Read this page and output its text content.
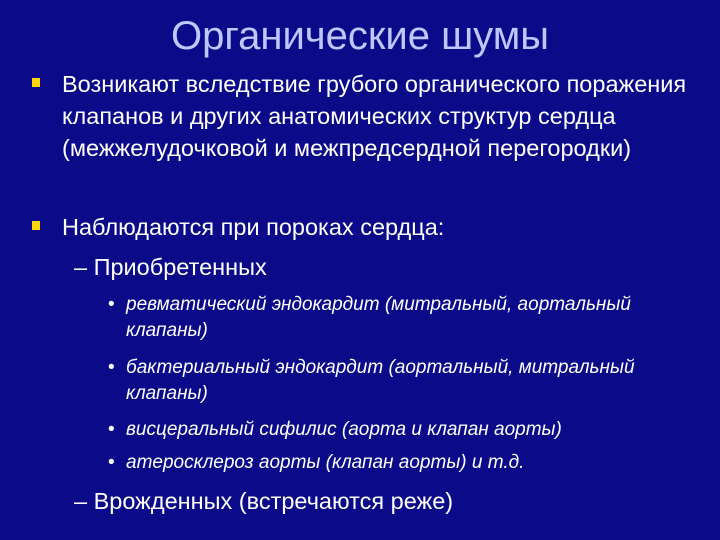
Органические шумы
Возникают вследствие грубого органического поражения клапанов и других анатомических структур сердца (межжелудочковой и межпредсердной перегородки)
Наблюдаются при пороках сердца:
– Приобретенных
• ревматический эндокардит (митральный, аортальный клапаны)
• бактериальный эндокардит (аортальный, митральный клапаны)
• висцеральный сифилис (аорта и клапан аорты)
• атеросклероз аорты (клапан аорты) и т.д.
– Врожденных (встречаются реже)
